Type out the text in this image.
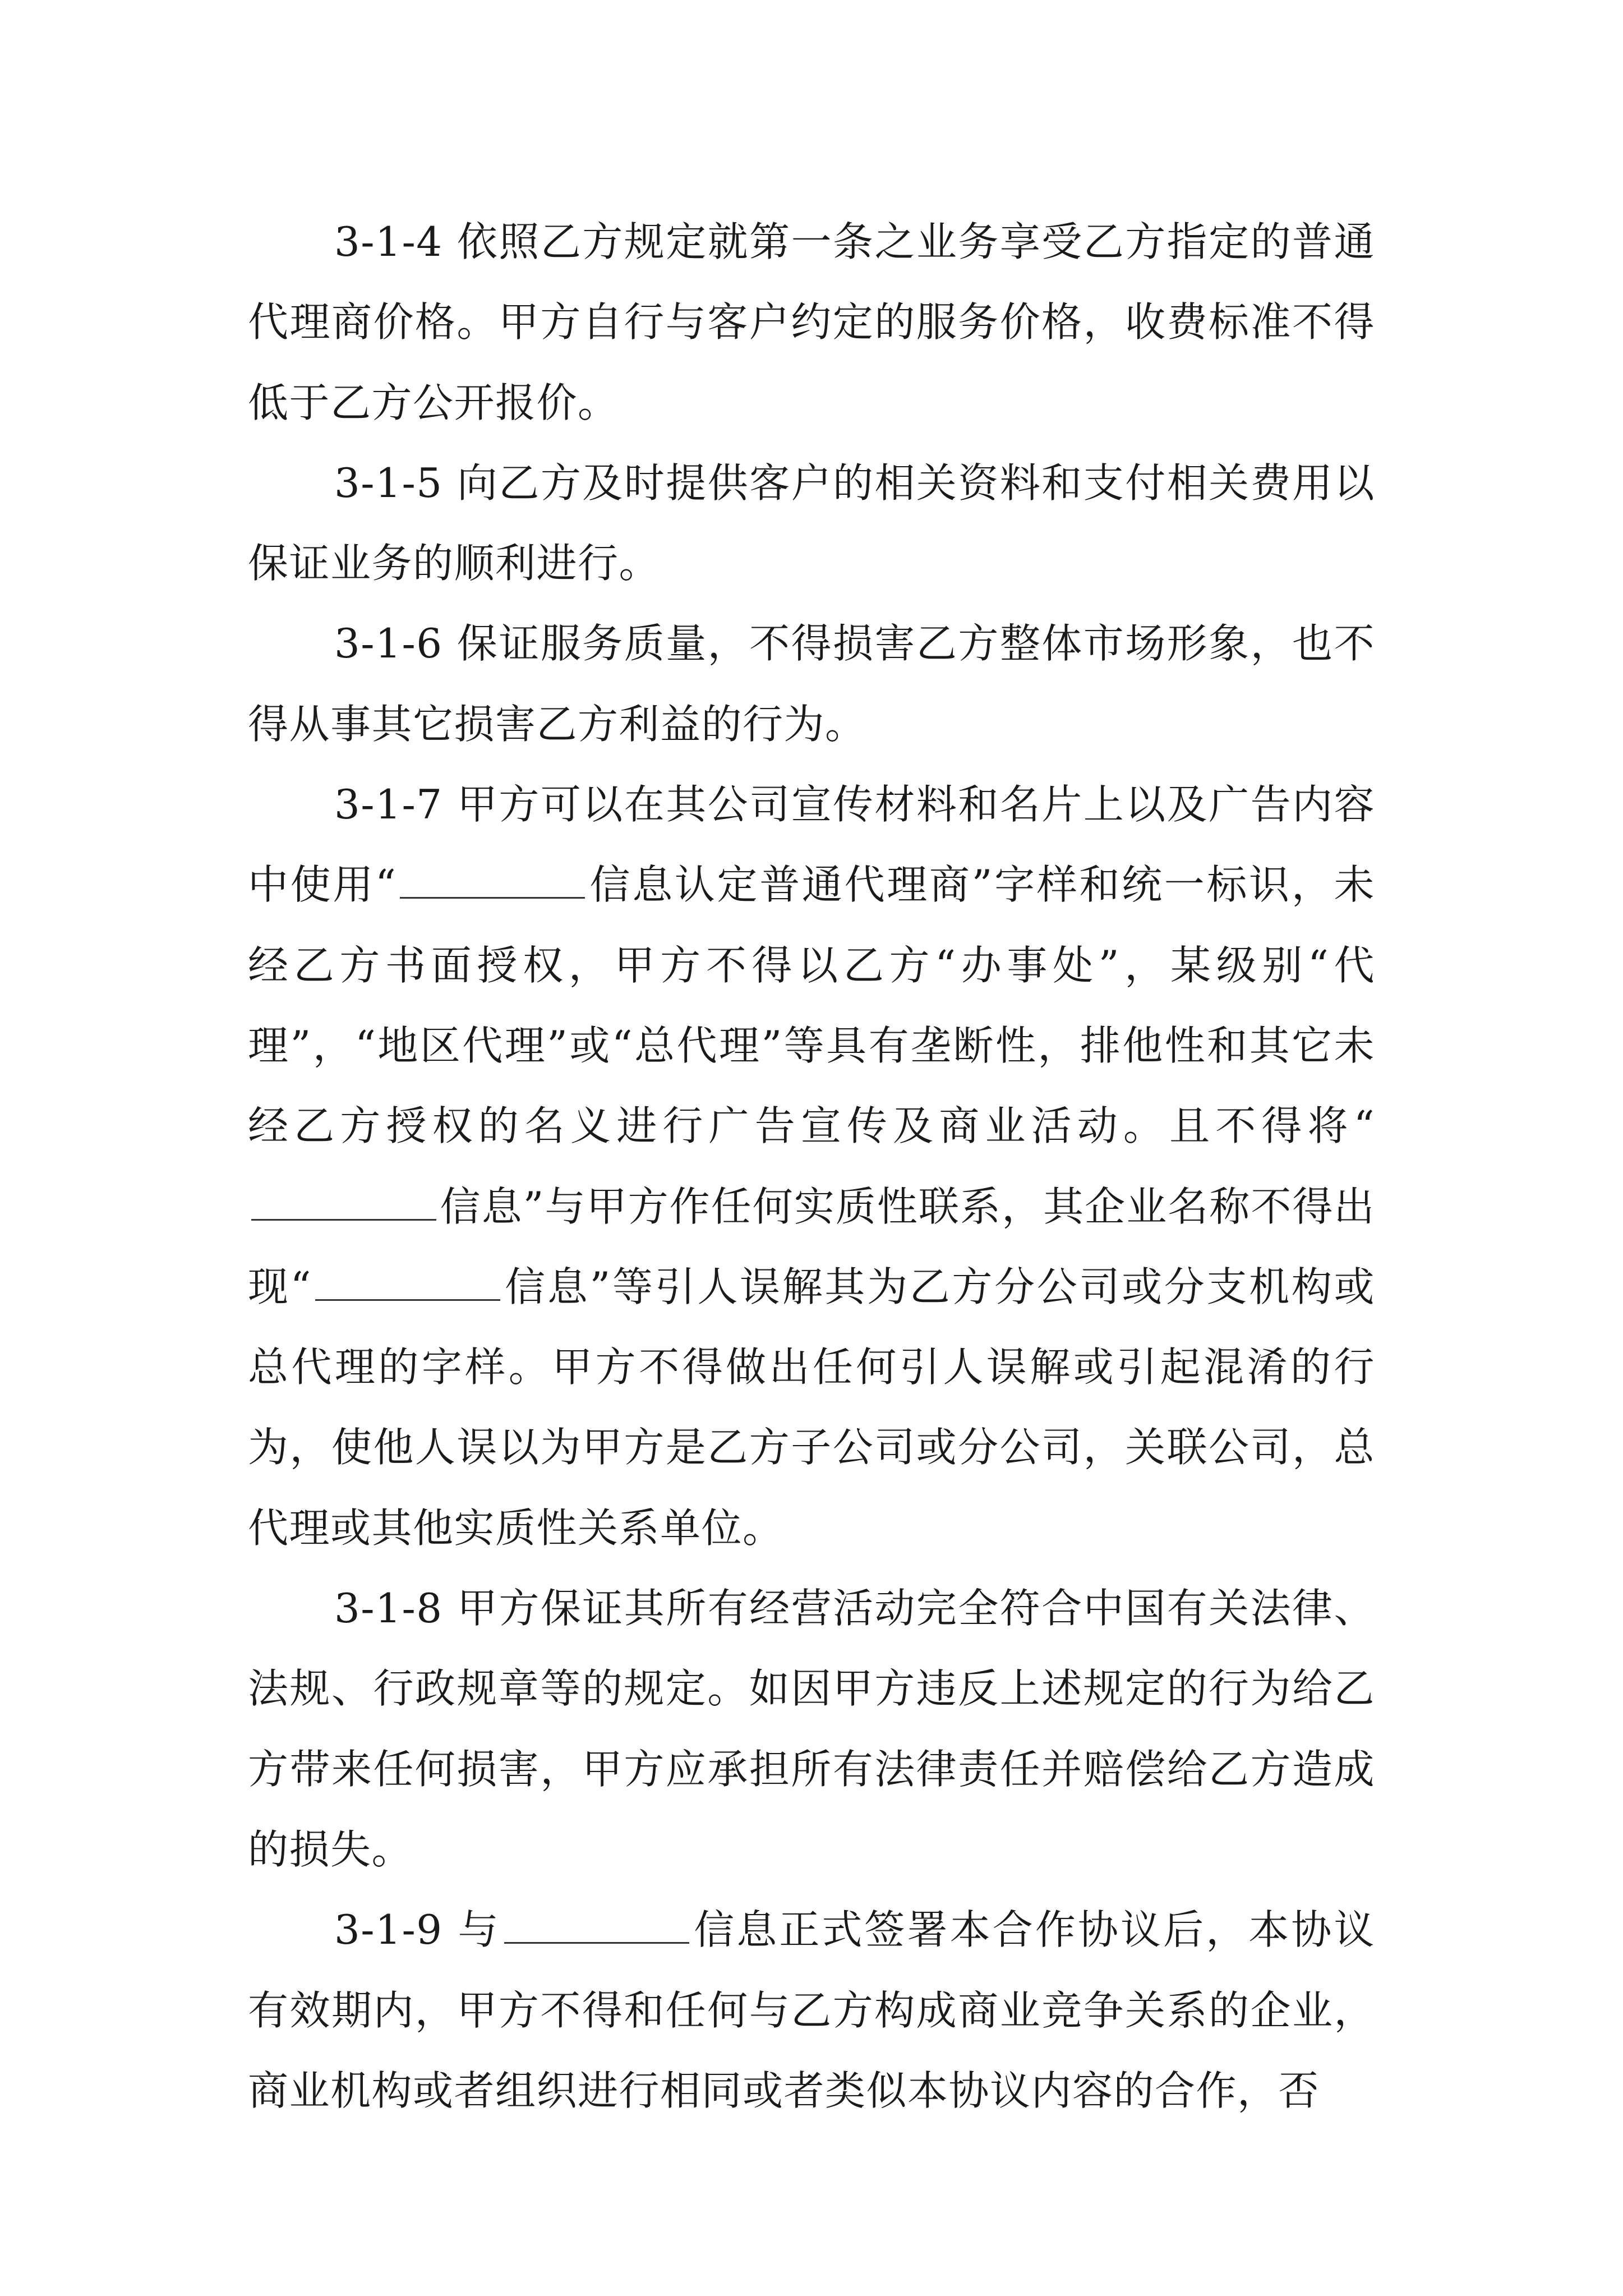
3-1-4 依照乙方规定就第一条之业务享受乙方指定的普通代理商价格。甲方自行与客户约定的服务价格，收费标准不得低于乙方公开报价。

3-1-5 向乙方及时提供客户的相关资料和支付相关费用以保证业务的顺利进行。

3-1-6 保证服务质量，不得损害乙方整体市场形象，也不得从事其它损害乙方利益的行为。

3-1-7 甲方可以在其公司宣传材料和名片上以及广告内容中使用“	信息认定普通代理商”字样和统一标识，未经乙方书面授权，甲方不得以乙方“办事处”，某级别“代理”，“地区代理”或“总代理”等具有垄断性，排他性和其它未经乙方授权的名义进行广告宣传及商业活动。且不得将“信息”与甲方作任何实质性联系，其企业名称不得出现“	信息”等引人误解其为乙方分公司或分支机构或总代理的字样。甲方不得做出任何引人误解或引起混淆的行为，使他人误以为甲方是乙方子公司或分公司，关联公司，总代理或其他实质性关系单位。

3-1-8 甲方保证其所有经营活动完全符合中国有关法律、法规、行政规章等的规定。如因甲方违反上述规定的行为给乙方带来任何损害，甲方应承担所有法律责任并赔偿给乙方造成的损失。

3-1-9 与	信息正式签署本合作协议后，本协议有效期内，甲方不得和任何与乙方构成商业竞争关系的企业，商业机构或者组织进行相同或者类似本协议内容的合作，否
